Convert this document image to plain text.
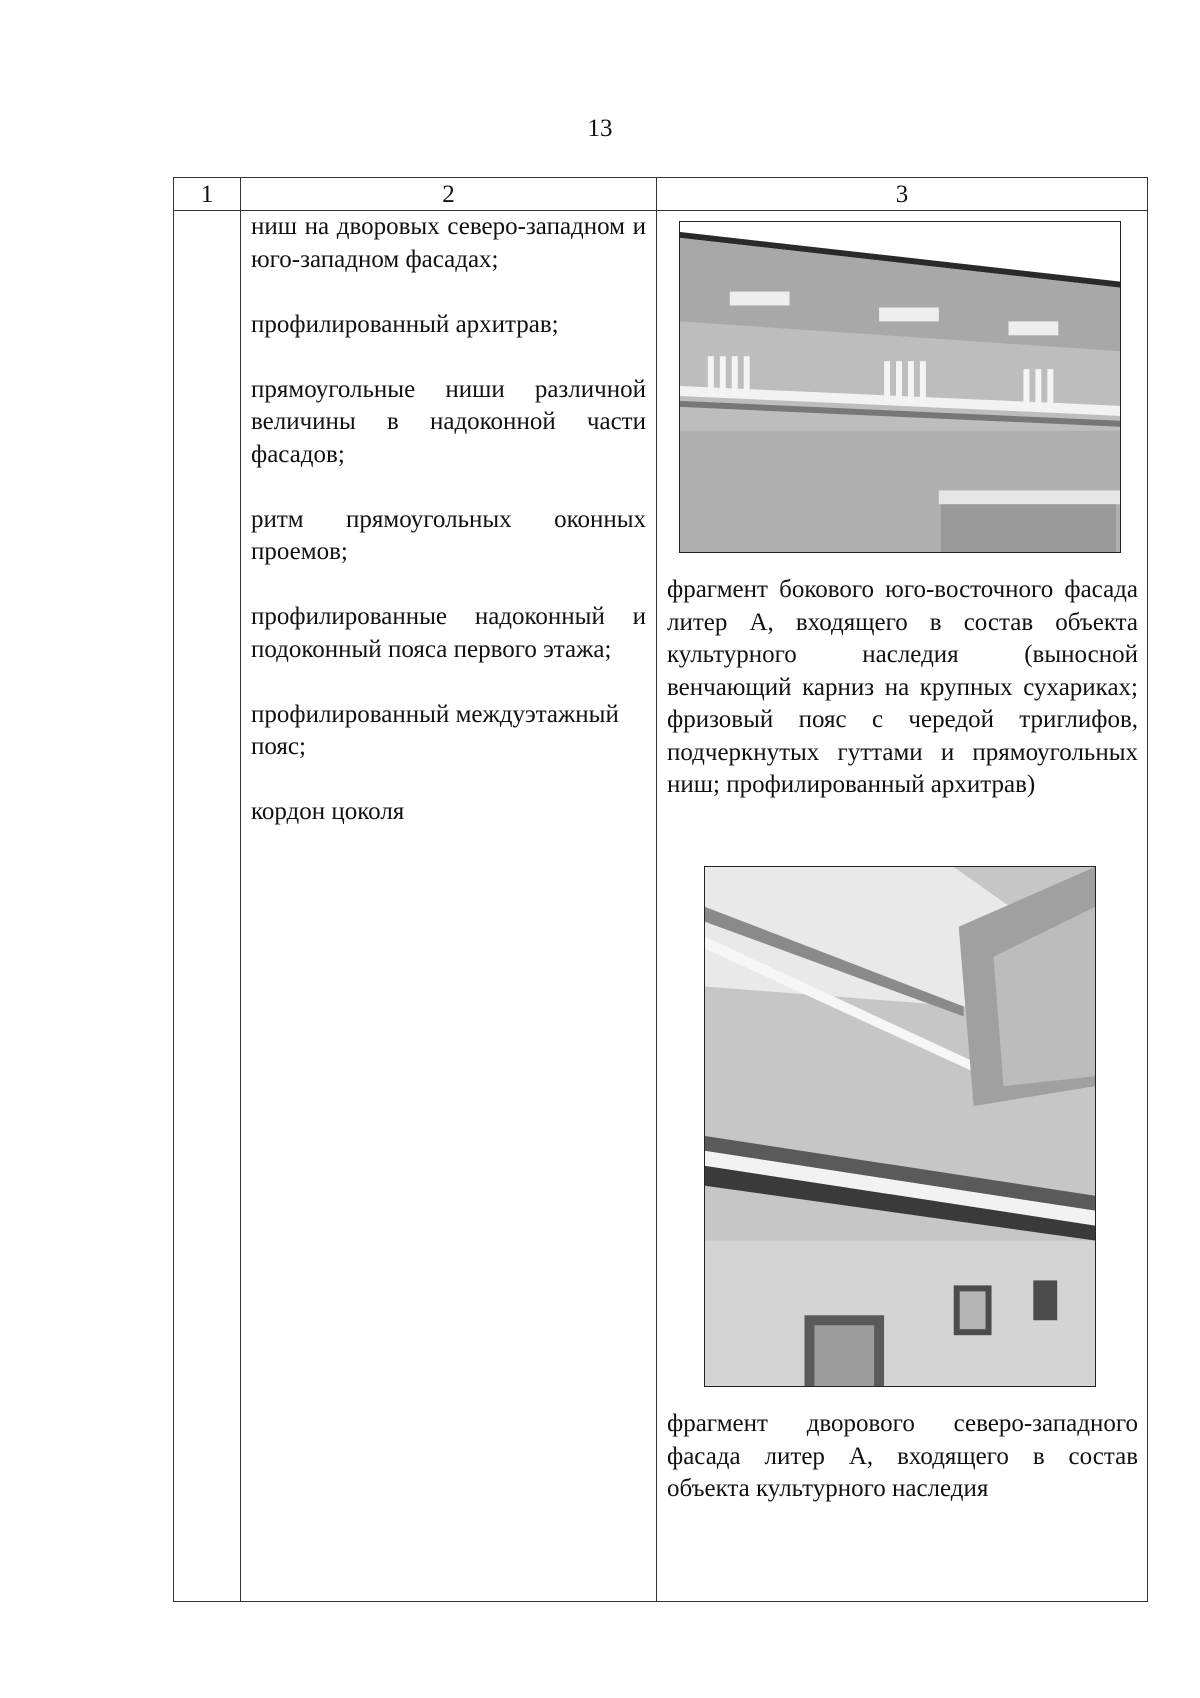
13
1	2	3

ниш на дворовых северо-западном и юго-западном фасадах;

профилированный архитрав;

прямоугольные ниши различной величины в надоконной части фасадов;

ритм прямоугольных оконных проемов;

профилированные надоконный и подоконный пояса первого этажа;

профилированный междуэтажный пояс;

кордон цоколя

фрагмент бокового юго-восточного фасада литер А, входящего в состав объекта культурного наследия (выносной венчающий карниз на крупных сухариках; фризовый пояс с чередой триглифов, подчеркнутых гуттами и прямоугольных ниш; профилированный архитрав)

фрагмент дворового северо-западного фасада литер А, входящего в состав объекта культурного наследия
